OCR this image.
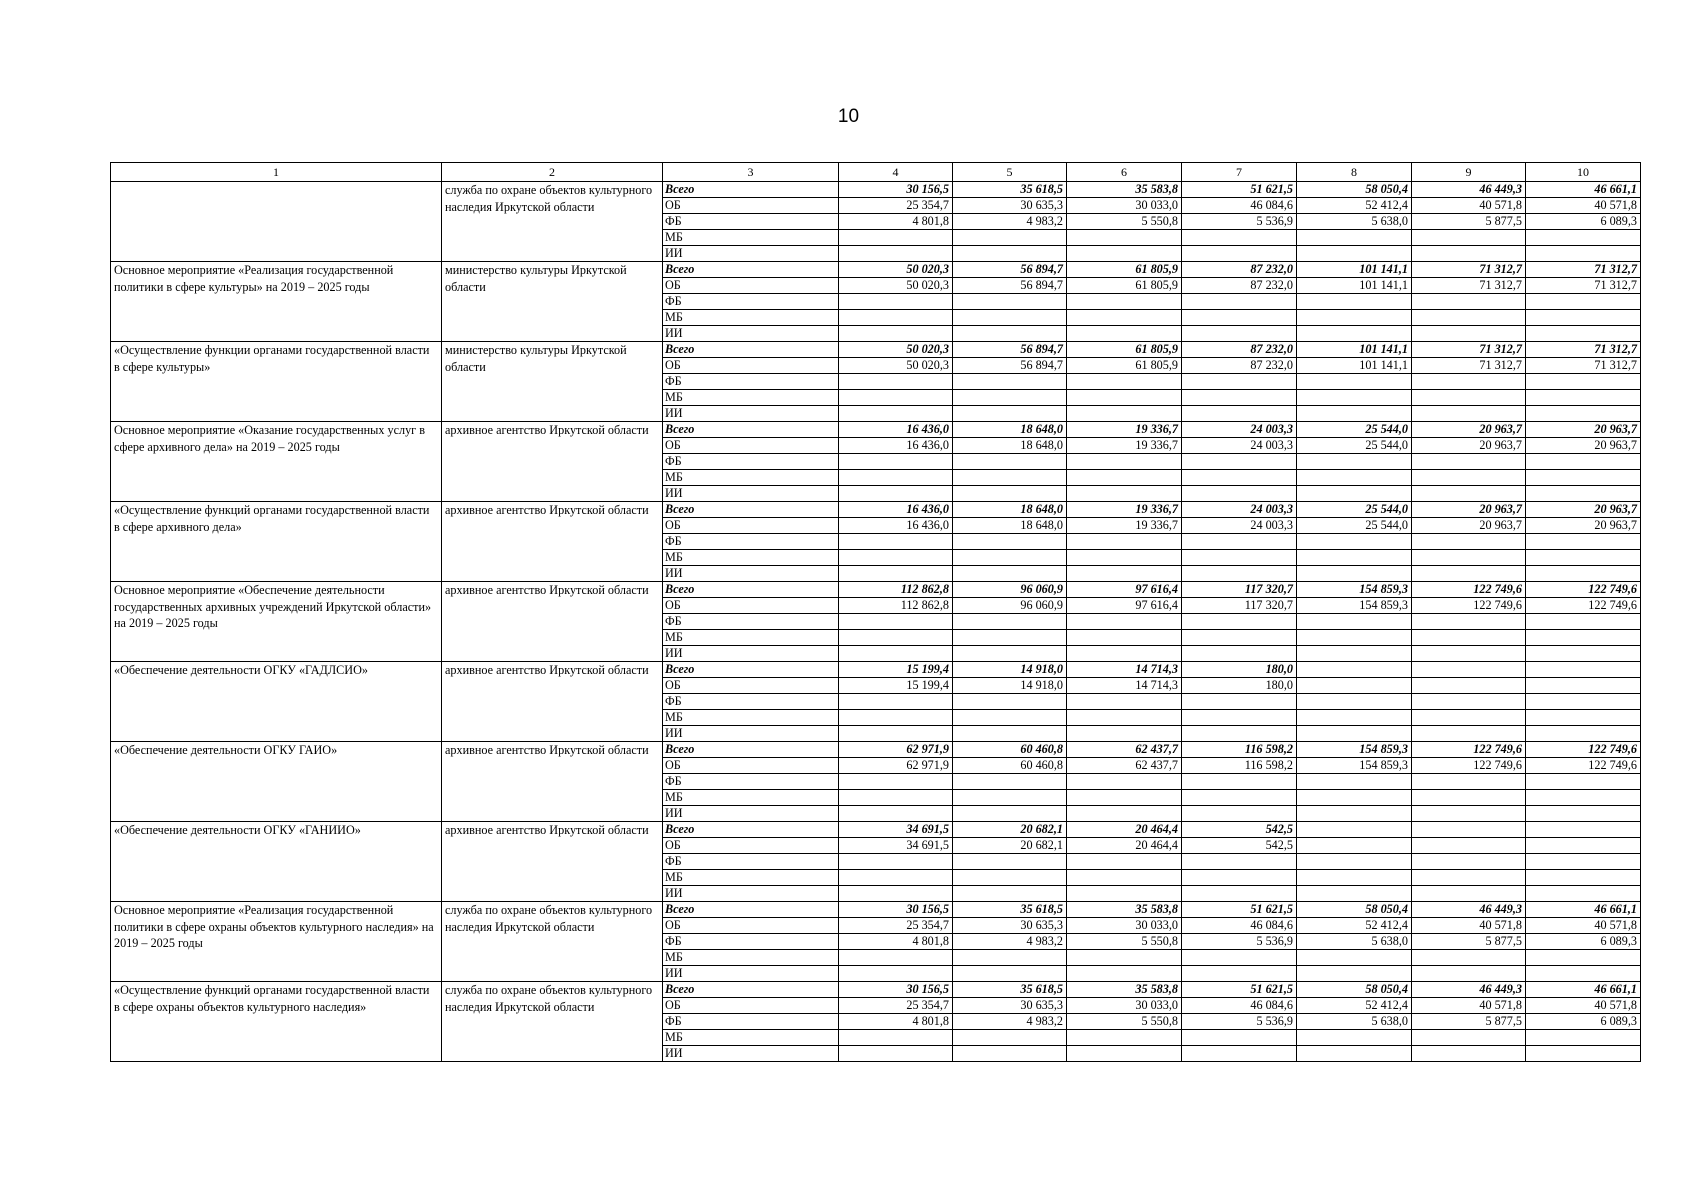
10
1	2	3	4	5	6	7	8	9	10
	служба по охране объектов культурного наследия Иркутской области	Всего	30 156,5	35 618,5	35 583,8	51 621,5	58 050,4	46 449,3	46 661,1
		ОБ	25 354,7	30 635,3	30 033,0	46 084,6	52 412,4	40 571,8	40 571,8
		ФБ	4 801,8	4 983,2	5 550,8	5 536,9	5 638,0	5 877,5	6 089,3
		МБ							
		ИИ							
Основное мероприятие «Реализация государственной политики в сфере культуры» на 2019 – 2025 годы	министерство культуры Иркутской области	Всего	50 020,3	56 894,7	61 805,9	87 232,0	101 141,1	71 312,7	71 312,7
		ОБ	50 020,3	56 894,7	61 805,9	87 232,0	101 141,1	71 312,7	71 312,7
		ФБ							
		МБ							
		ИИ							
«Осуществление функции органами государственной власти в сфере культуры»	министерство культуры Иркутской области	Всего	50 020,3	56 894,7	61 805,9	87 232,0	101 141,1	71 312,7	71 312,7
		ОБ	50 020,3	56 894,7	61 805,9	87 232,0	101 141,1	71 312,7	71 312,7
		ФБ							
		МБ							
		ИИ							
Основное мероприятие «Оказание государственных услуг в сфере архивного дела» на 2019 – 2025 годы	архивное агентство Иркутской области	Всего	16 436,0	18 648,0	19 336,7	24 003,3	25 544,0	20 963,7	20 963,7
		ОБ	16 436,0	18 648,0	19 336,7	24 003,3	25 544,0	20 963,7	20 963,7
		ФБ							
		МБ							
		ИИ							
«Осуществление функций органами государственной власти в сфере архивного дела»	архивное агентство Иркутской области	Всего	16 436,0	18 648,0	19 336,7	24 003,3	25 544,0	20 963,7	20 963,7
		ОБ	16 436,0	18 648,0	19 336,7	24 003,3	25 544,0	20 963,7	20 963,7
		ФБ							
		МБ							
		ИИ							
Основное мероприятие «Обеспечение деятельности государственных архивных учреждений Иркутской области» на 2019 – 2025 годы	архивное агентство Иркутской области	Всего	112 862,8	96 060,9	97 616,4	117 320,7	154 859,3	122 749,6	122 749,6
		ОБ	112 862,8	96 060,9	97 616,4	117 320,7	154 859,3	122 749,6	122 749,6
		ФБ							
		МБ							
		ИИ							
«Обеспечение деятельности ОГКУ «ГАДЛСИО»	архивное агентство Иркутской области	Всего	15 199,4	14 918,0	14 714,3	180,0			
		ОБ	15 199,4	14 918,0	14 714,3	180,0			
		ФБ							
		МБ							
		ИИ							
«Обеспечение деятельности ОГКУ ГАИО»	архивное агентство Иркутской области	Всего	62 971,9	60 460,8	62 437,7	116 598,2	154 859,3	122 749,6	122 749,6
		ОБ	62 971,9	60 460,8	62 437,7	116 598,2	154 859,3	122 749,6	122 749,6
		ФБ							
		МБ							
		ИИ							
«Обеспечение деятельности ОГКУ «ГАНИИО»	архивное агентство Иркутской области	Всего	34 691,5	20 682,1	20 464,4	542,5			
		ОБ	34 691,5	20 682,1	20 464,4	542,5			
		ФБ							
		МБ							
		ИИ							
Основное мероприятие «Реализация государственной политики в сфере охраны объектов культурного наследия» на 2019 – 2025 годы	служба по охране объектов культурного наследия Иркутской области	Всего	30 156,5	35 618,5	35 583,8	51 621,5	58 050,4	46 449,3	46 661,1
		ОБ	25 354,7	30 635,3	30 033,0	46 084,6	52 412,4	40 571,8	40 571,8
		ФБ	4 801,8	4 983,2	5 550,8	5 536,9	5 638,0	5 877,5	6 089,3
		МБ							
		ИИ							
«Осуществление функций органами государственной власти в сфере охраны объектов культурного наследия»	служба по охране объектов культурного наследия Иркутской области	Всего	30 156,5	35 618,5	35 583,8	51 621,5	58 050,4	46 449,3	46 661,1
		ОБ	25 354,7	30 635,3	30 033,0	46 084,6	52 412,4	40 571,8	40 571,8
		ФБ	4 801,8	4 983,2	5 550,8	5 536,9	5 638,0	5 877,5	6 089,3
		МБ							
		ИИ							
